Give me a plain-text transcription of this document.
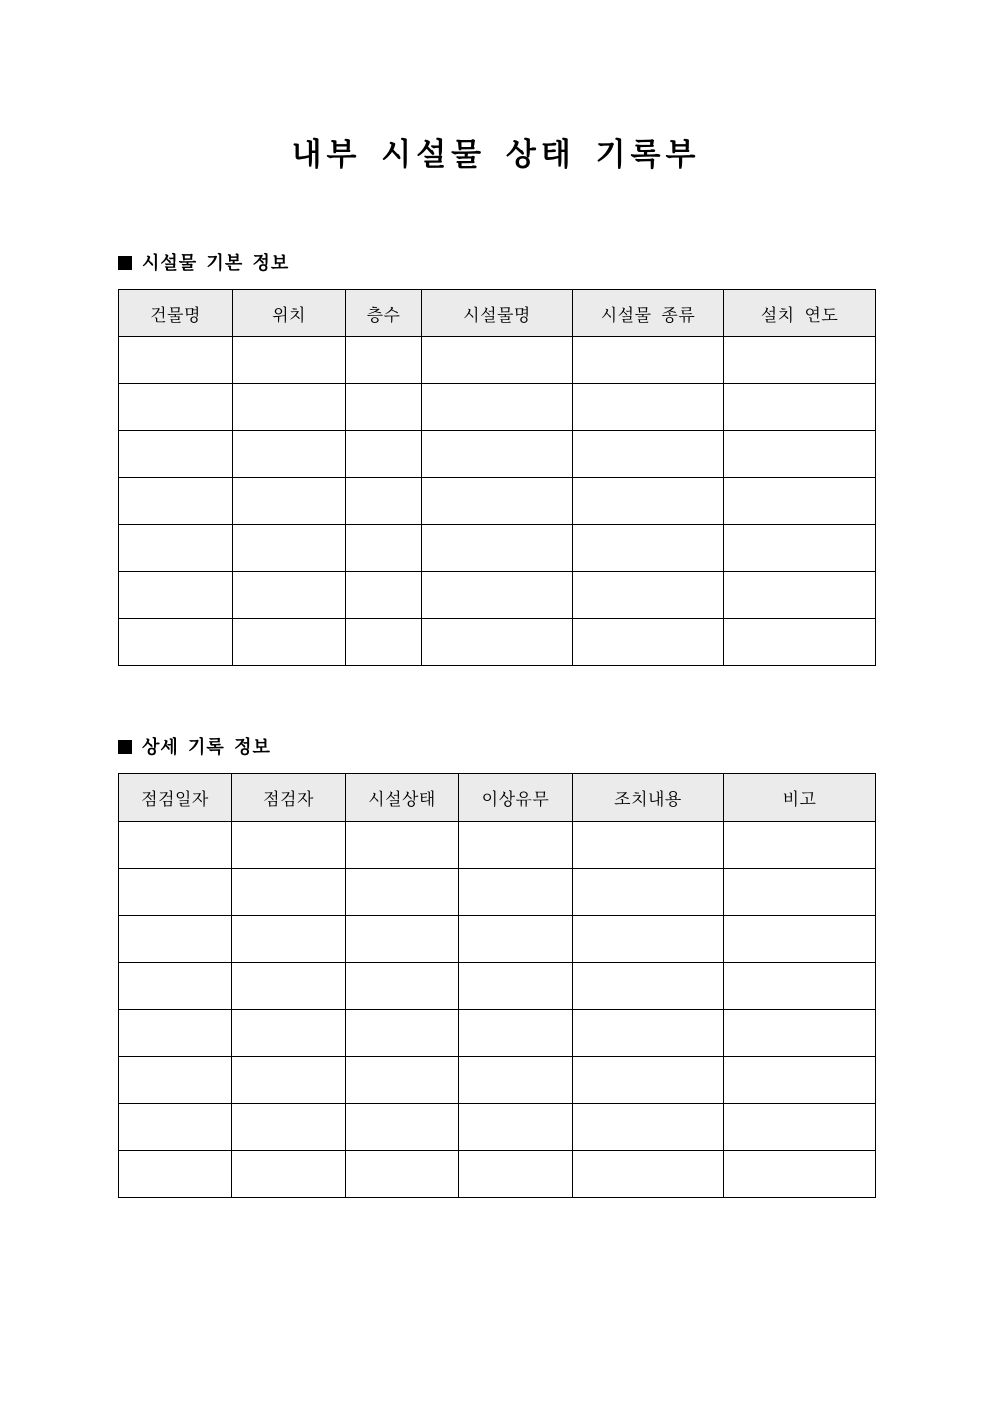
내부 시설물 상태 기록부
시설물 기본 정보
건물명	위치	층수	시설물명	시설물 종류	설치 연도

상세 기록 정보
점검일자	점검자	시설상태	이상유무	조치내용	비고
